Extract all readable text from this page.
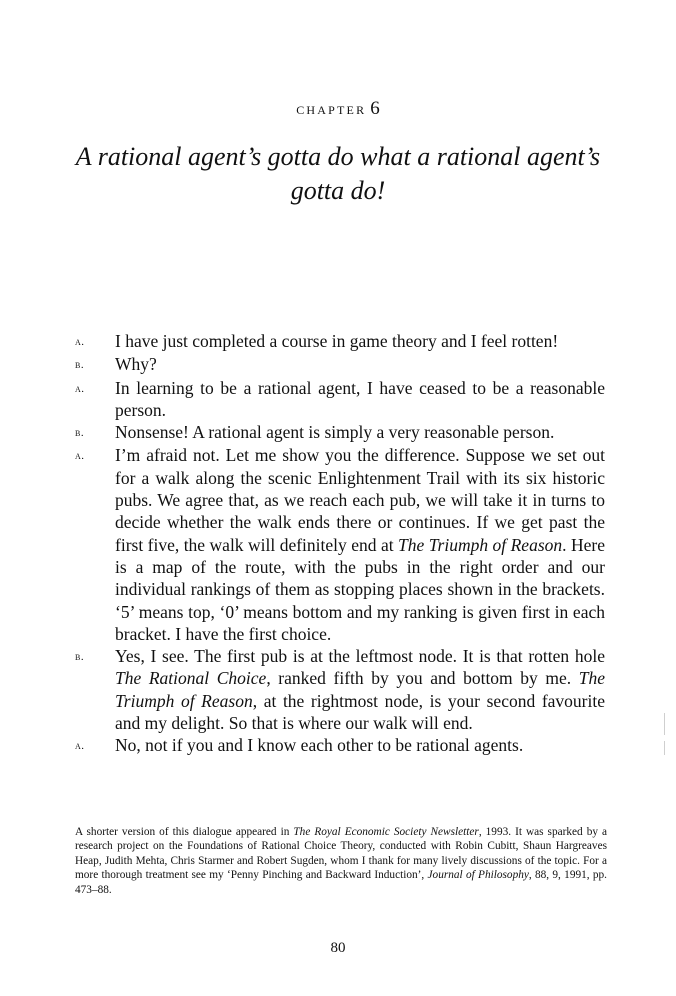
chapter 6
A rational agent’s gotta do what a rational agent’s gotta do!
a.	I have just completed a course in game theory and I feel rotten!
b.	Why?
a.	In learning to be a rational agent, I have ceased to be a reasonable person.
b.	Nonsense! A rational agent is simply a very reasonable person.
a.	I’m afraid not. Let me show you the difference. Suppose we set out for a walk along the scenic Enlightenment Trail with its six historic pubs. We agree that, as we reach each pub, we will take it in turns to decide whether the walk ends there or continues. If we get past the first five, the walk will definitely end at The Triumph of Reason. Here is a map of the route, with the pubs in the right order and our individual rankings of them as stopping places shown in the brackets. ‘5’ means top, ‘0’ means bottom and my ranking is given first in each bracket. I have the first choice.
b.	Yes, I see. The first pub is at the leftmost node. It is that rotten hole The Rational Choice, ranked fifth by you and bottom by me. The Triumph of Reason, at the rightmost node, is your second favourite and my delight. So that is where our walk will end.
a.	No, not if you and I know each other to be rational agents.
A shorter version of this dialogue appeared in The Royal Economic Society Newsletter, 1993. It was sparked by a research project on the Foundations of Rational Choice Theory, conducted with Robin Cubitt, Shaun Hargreaves Heap, Judith Mehta, Chris Starmer and Robert Sugden, whom I thank for many lively discussions of the topic. For a more thorough treatment see my ‘Penny Pinching and Backward Induction’, Journal of Philosophy, 88, 9, 1991, pp. 473–88.
80
